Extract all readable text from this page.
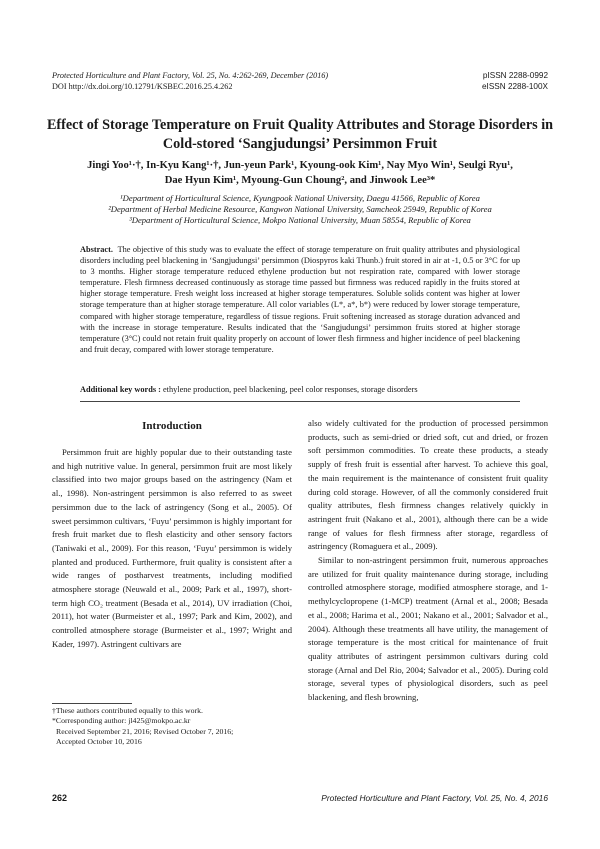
Protected Horticulture and Plant Factory, Vol. 25, No. 4:262-269, December (2016)
DOI http://dx.doi.org/10.12791/KSBEC.2016.25.4.262
pISSN 2288-0992
eISSN 2288-100X
Effect of Storage Temperature on Fruit Quality Attributes and Storage Disorders in Cold-stored ‘Sangjudungsi’ Persimmon Fruit
Jingi Yoo¹·†, In-Kyu Kang¹·†, Jun-yeun Park¹, Kyoung-ook Kim¹, Nay Myo Win¹, Seulgi Ryu¹,
Dae Hyun Kim¹, Myoung-Gun Choung², and Jinwook Lee³*
¹Department of Horticultural Science, Kyungpook National University, Daegu 41566, Republic of Korea
²Department of Herbal Medicine Resource, Kangwon National University, Samcheok 25949, Republic of Korea
³Department of Horticultural Science, Mokpo National University, Muan 58554, Republic of Korea
Abstract. The objective of this study was to evaluate the effect of storage temperature on fruit quality attributes and physiological disorders including peel blackening in ‘Sangjudungsi’ persimmon (Diospyros kaki Thunb.) fruit stored in air at -1, 0.5 or 3°C for up to 3 months. Higher storage temperature reduced ethylene production but not respiration rate, compared with lower storage temperature. Flesh firmness decreased continuously as storage time passed but firmness was reduced rapidly in the fruits stored at higher storage temperature. Fresh weight loss increased at higher storage temperatures. Soluble solids content was higher at lower storage temperature than at higher storage temperature. All color variables (L*, a*, b*) were reduced by lower storage temperature, compared with higher storage temperature, regardless of tissue regions. Fruit softening increased as storage duration advanced and with the increase in storage temperature. Results indicated that the ‘Sangjudungsi’ persimmon fruits stored at higher storage temperature (3°C) could not retain fruit quality properly on account of lower flesh firmness and higher incidence of peel blackening and fruit decay, compared with lower storage temperature.
Additional key words : ethylene production, peel blackening, peel color responses, storage disorders
Introduction

Persimmon fruit are highly popular due to their outstanding taste and high nutritive value. In general, persimmon fruit are most likely classified into two major groups based on the astringency (Nam et al., 1998). Non-astringent persimmon is also referred to as sweet persimmon due to the lack of astringency (Song et al., 2005). Of sweet persimmon cultivars, ‘Fuyu’ persimmon is highly important for fresh fruit market due to flesh elasticity and other sensory factors (Taniwaki et al., 2009). For this reason, ‘Fuyu’ persimmon is widely planted and produced. Furthermore, fruit quality is consistent after a wide ranges of postharvest treatments, including modified atmosphere storage (Neuwald et al., 2009; Park et al., 1997), short-term high CO₂ treatment (Besada et al., 2014), UV irradiation (Choi, 2011), hot water (Burmeister et al., 1997; Park and Kim, 2002), and controlled atmosphere storage (Burmeister et al., 1997; Wright and Kader, 1997). Astringent cultivars are

†These authors contributed equally to this work.
*Corresponding author: jl425@mokpo.ac.kr
Received September 21, 2016; Revised October 7, 2016;
Accepted October 10, 2016

also widely cultivated for the production of processed persimmon products, such as semi-dried or dried soft, cut and dried, or frozen soft persimmon commodities. To create these products, a steady supply of fresh fruit is essential after harvest. To achieve this goal, the main requirement is the maintenance of consistent fruit quality during cold storage. However, of all the commonly considered fruit quality attributes, flesh firmness changes relatively quickly in astringent fruit (Nakano et al., 2001), although there can be a wide range of values for flesh firmness after storage, regardless of astringency (Romaguera et al., 2009).

Similar to non-astringent persimmon fruit, numerous approaches are utilized for fruit quality maintenance during storage, including controlled atmosphere storage, modified atmosphere storage, and 1-methylcyclopropene (1-MCP) treatment (Arnal et al., 2008; Besada et al., 2008; Harima et al., 2001; Nakano et al., 2001; Salvador et al., 2004). Although these treatments all have utility, the management of storage temperature is the most critical for maintenance of fruit quality attributes of astringent persimmon cultivars during cold storage (Arnal and Del Rio, 2004; Salvador et al., 2005). During cold storage, several types of physiological disorders, such as peel blackening, and flesh browning,

262	Protected Horticulture and Plant Factory, Vol. 25, No. 4, 2016
